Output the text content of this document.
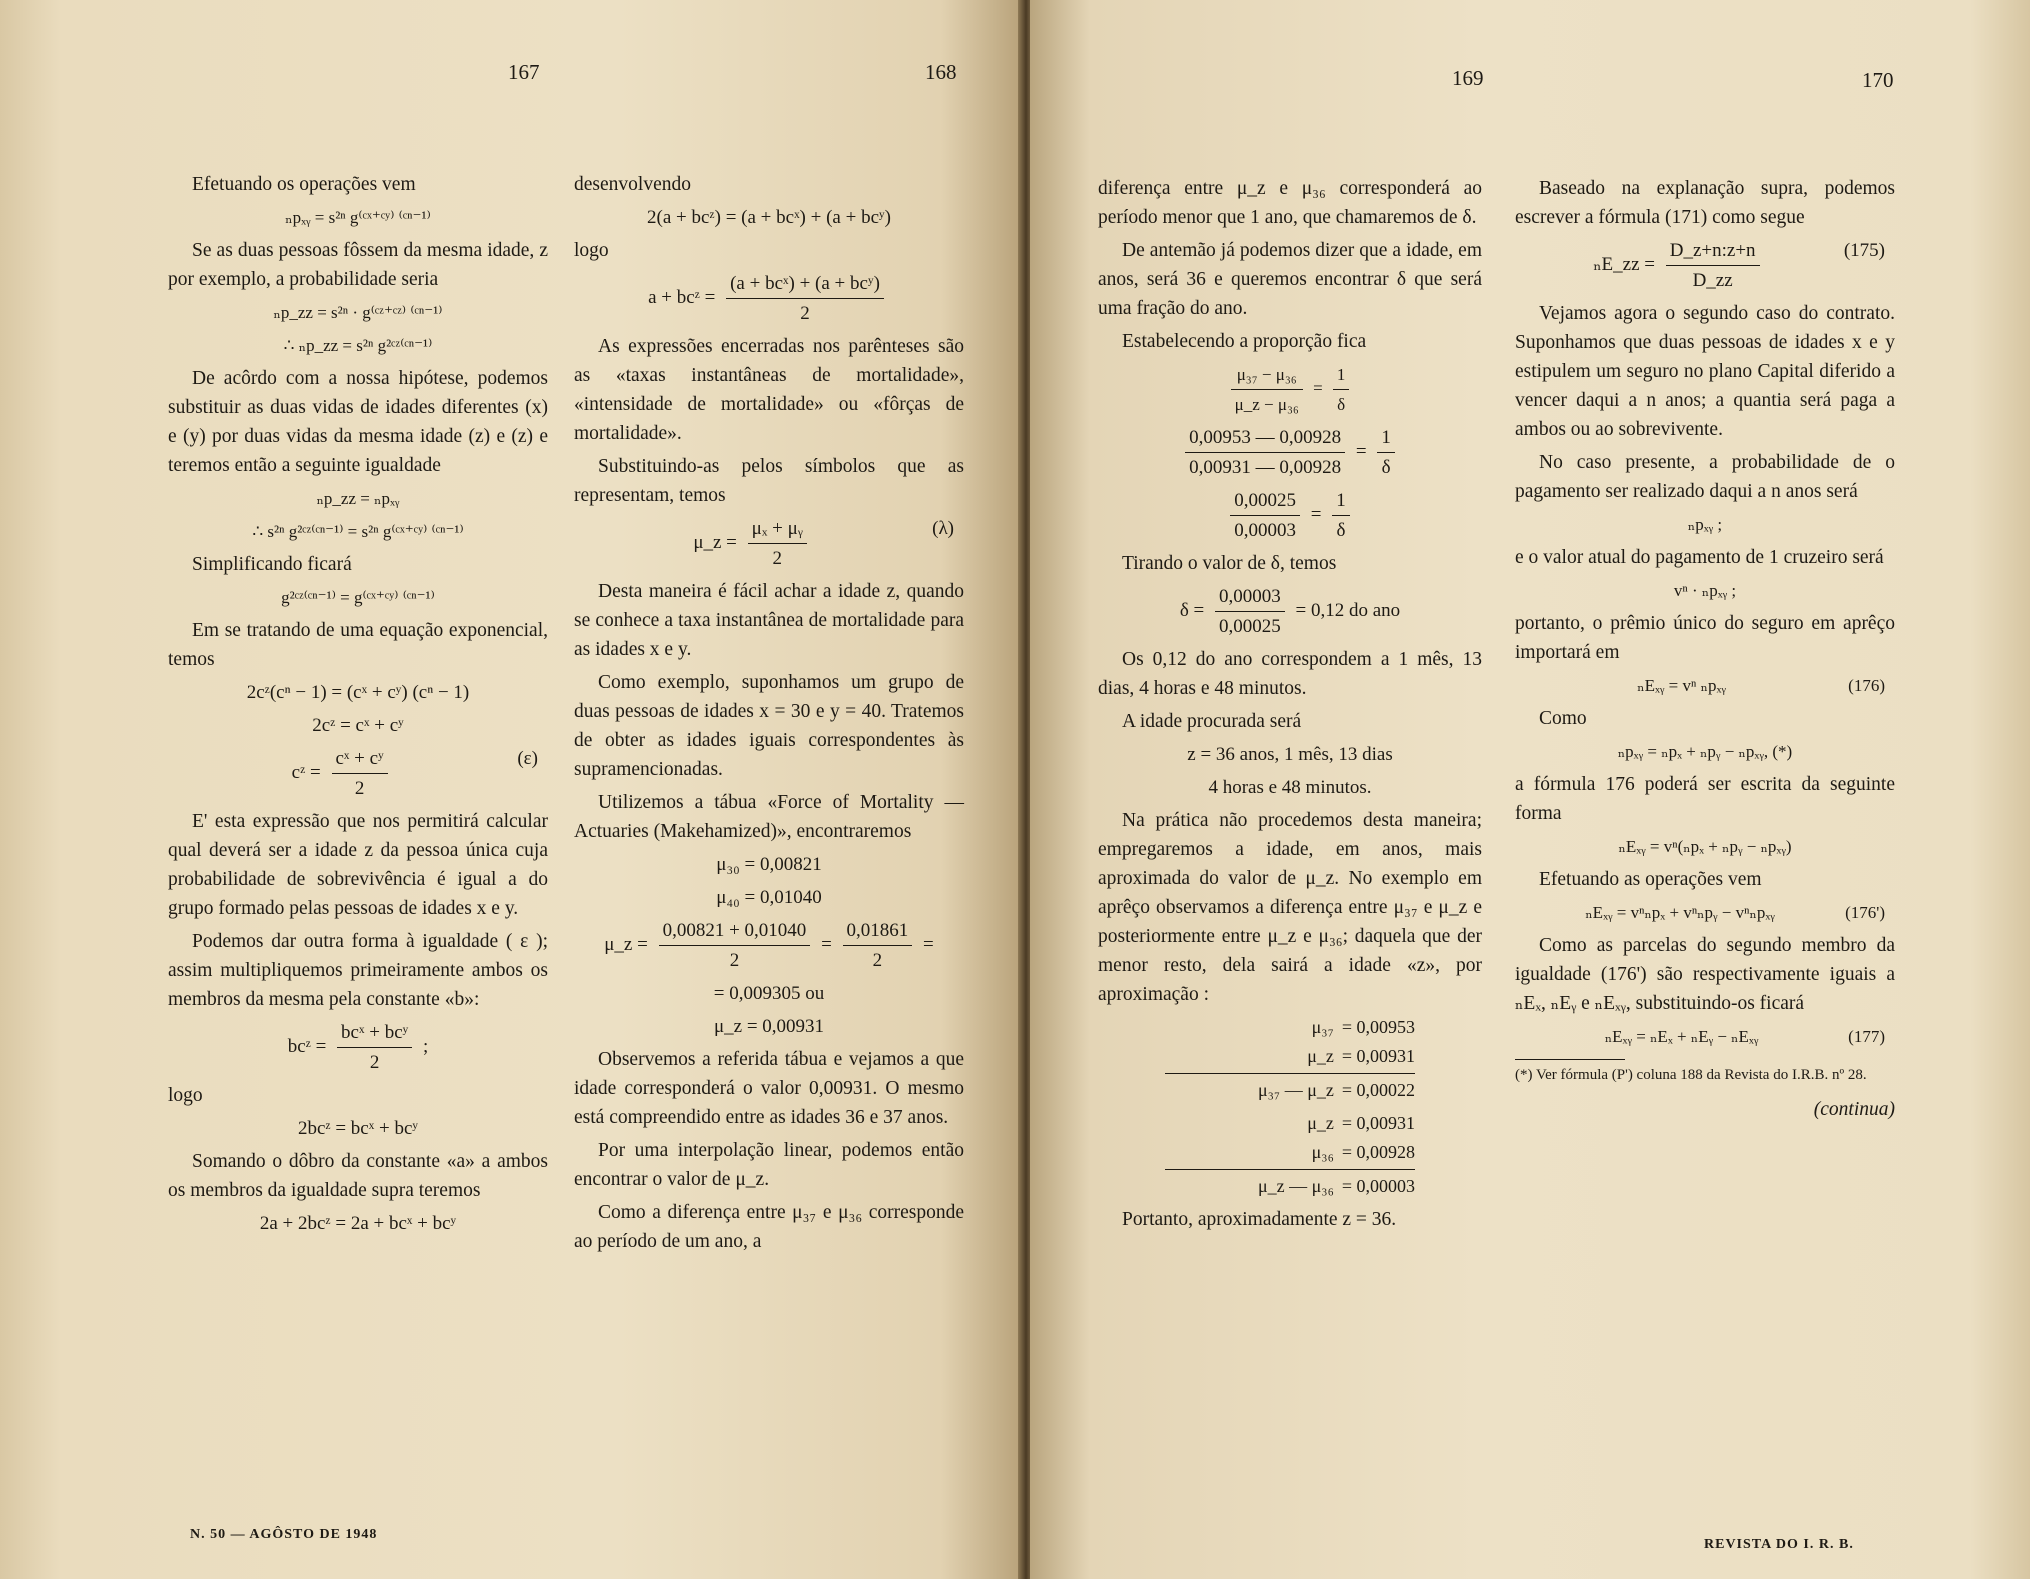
167	168

Efetuando os operações vem

ₙpₓᵧ = s²ⁿ g⁽ᶜˣ⁺ᶜʸ⁾ ⁽ᶜⁿ⁻¹⁾

Se as duas pessoas fôssem da mesma idade, z por exemplo, a probabilidade seria

ₙp_zz = s²ⁿ · g⁽ᶜᶻ⁺ᶜᶻ⁾ ⁽ᶜⁿ⁻¹⁾
∴ ₙp_zz = s²ⁿ g²ᶜᶻ⁽ᶜⁿ⁻¹⁾

De acôrdo com a nossa hipótese, podemos substituir as duas vidas de idades diferentes (x) e (y) por duas vidas da mesma idade (z) e (z) e teremos então a seguinte igualdade

ₙp_zz = ₙpₓᵧ
∴ s²ⁿ g²ᶜᶻ⁽ᶜⁿ⁻¹⁾ = s²ⁿ g⁽ᶜˣ⁺ᶜʸ⁾ ⁽ᶜⁿ⁻¹⁾

Simplificando ficará

g²ᶜᶻ⁽ᶜⁿ⁻¹⁾ = g⁽ᶜˣ⁺ᶜʸ⁾ ⁽ᶜⁿ⁻¹⁾

Em se tratando de uma equação exponencial, temos

2cᶻ(cⁿ − 1) = (cˣ + cʸ) (cⁿ − 1)
2cᶻ = cˣ + cʸ
cᶻ = $\frac{\text{cˣ + cʸ}}{2}$	(ε)

E' esta expressão que nos permitirá calcular qual deverá ser a idade z da pessoa única cuja probabilidade de sobrevivência é igual a do grupo formado pelas pessoas de idades x e y.

Podemos dar outra forma à igualdade ( ε ); assim multipliquemos primeiramente ambos os membros da mesma pela constante «b»:

bcᶻ = $\frac{\text{bcˣ + bcʸ}}{2}$ ;

logo

2bcᶻ = bcˣ + bcʸ

Somando o dôbro da constante «a» a ambos os membros da igualdade supra teremos

2a + 2bcᶻ = 2a + bcˣ + bcʸ

desenvolvendo

2(a + bcᶻ) = (a + bcˣ) + (a + bcʸ)

logo

a + bcᶻ = $\frac{\text{(a + bcˣ) + (a + bcʸ)}}{2}$

As expressões encerradas nos parênteses são as «taxas instantâneas de mortalidade», «intensidade de mortalidade» ou «fôrças de mortalidade».

Substituindo-as pelos símbolos que as representam, temos

μ_z = $\frac{\text{μₓ + μᵧ}}{2}$	(λ)

Desta maneira é fácil achar a idade z, quando se conhece a taxa instantânea de mortalidade para as idades x e y.

Como exemplo, suponhamos um grupo de duas pessoas de idades x = 30 e y = 40. Tratemos de obter as idades iguais correspondentes às supramencionadas.

Utilizemos a tábua «Force of Mortality — Actuaries (Makehamized)», encontraremos

μ₃₀ = 0,00821
μ₄₀ = 0,01040
μ_z = $\frac{0,00821 + 0,01040}{2} = \frac{0,01861}{2}$ =
= 0,009305 ou
μ_z = 0,00931

Observemos a referida tábua e vejamos a que idade corresponderá o valor 0,00931. O mesmo está compreendido entre as idades 36 e 37 anos.

Por uma interpolação linear, podemos então encontrar o valor de μ_z.

Como a diferença entre μ₃₇ e μ₃₆ corresponde ao período de um ano, a

N. 50 — AGÔSTO DE 1948
169	170

diferença entre μ_z e μ₃₆ corresponderá ao período menor que 1 ano, que chamaremos de δ.

De antemão já podemos dizer que a idade, em anos, será 36 e queremos encontrar δ que será uma fração do ano.

Estabelecendo a proporção fica

$\frac{\text{μ₃₇ − μ₃₆}}{\text{μ\_z − μ₃₆}} = \frac{1}{\delta}$
$\frac{0,00953 — 0,00928}{0,00931 — 0,00928} = \frac{1}{\delta}$
$\frac{0,00025}{0,00003} = \frac{1}{\delta}$

Tirando o valor de δ, temos

$\delta = \frac{0,00003}{0,00025} = 0,12$ do ano

Os 0,12 do ano correspondem a 1 mês, 13 dias, 4 horas e 48 minutos.

A idade procurada será

z = 36 anos, 1 mês, 13 dias
4 horas e 48 minutos.

Na prática não procedemos desta maneira; empregaremos a idade, em anos, mais aproximada do valor de μ_z. No exemplo em aprêço observamos a diferença entre μ₃₇ e μ_z e posteriormente entre μ_z e μ₃₆; daquela que der menor resto, dela sairá a idade «z», por aproximação :

μ₃₇ = 0,00953
μ_z = 0,00931
μ₃₇ — μ_z = 0,00022
μ_z = 0,00931
μ₃₆ = 0,00928
μ_z — μ₃₆ = 0,00003

Portanto, aproximadamente z = 36.

Baseado na explanação supra, podemos escrever a fórmula (171) como segue

ₙE_zz = $\frac{D\_z+n:z+n}{D\_zz}$	(175)

Vejamos agora o segundo caso do contrato. Suponhamos que duas pessoas de idades x e y estipulem um seguro no plano Capital diferido a vencer daqui a n anos; a quantia será paga a ambos ou ao sobrevivente.

No caso presente, a probabilidade de o pagamento ser realizado daqui a n anos será

ₙpₓᵧ ;

e o valor atual do pagamento de 1 cruzeiro será

vⁿ · ₙpₓᵧ ;

portanto, o prêmio único do seguro em aprêço importará em

ₙEₓᵧ = vⁿ ₙpₓᵧ	(176)

Como

ₙpₓᵧ = ₙpₓ + ₙpᵧ − ₙpₓᵧ, (*)

a fórmula 176 poderá ser escrita da seguinte forma

ₙEₓᵧ = vⁿ(ₙpₓ + ₙpᵧ − ₙpₓᵧ)

Efetuando as operações vem

ₙEₓᵧ = vⁿₙpₓ + vⁿₙpᵧ − vⁿₙpₓᵧ	(176')

Como as parcelas do segundo membro da igualdade (176') são respectivamente iguais a ₙEₓ, ₙEᵧ e ₙEₓᵧ, substituindo-os ficará

ₙEₓᵧ = ₙEₓ + ₙEᵧ − ₙEₓᵧ	(177)
(*) Ver fórmula (P') coluna 188 da Revista do I.R.B. nº 28.
(continua)
REVISTA DO I. R. B.
